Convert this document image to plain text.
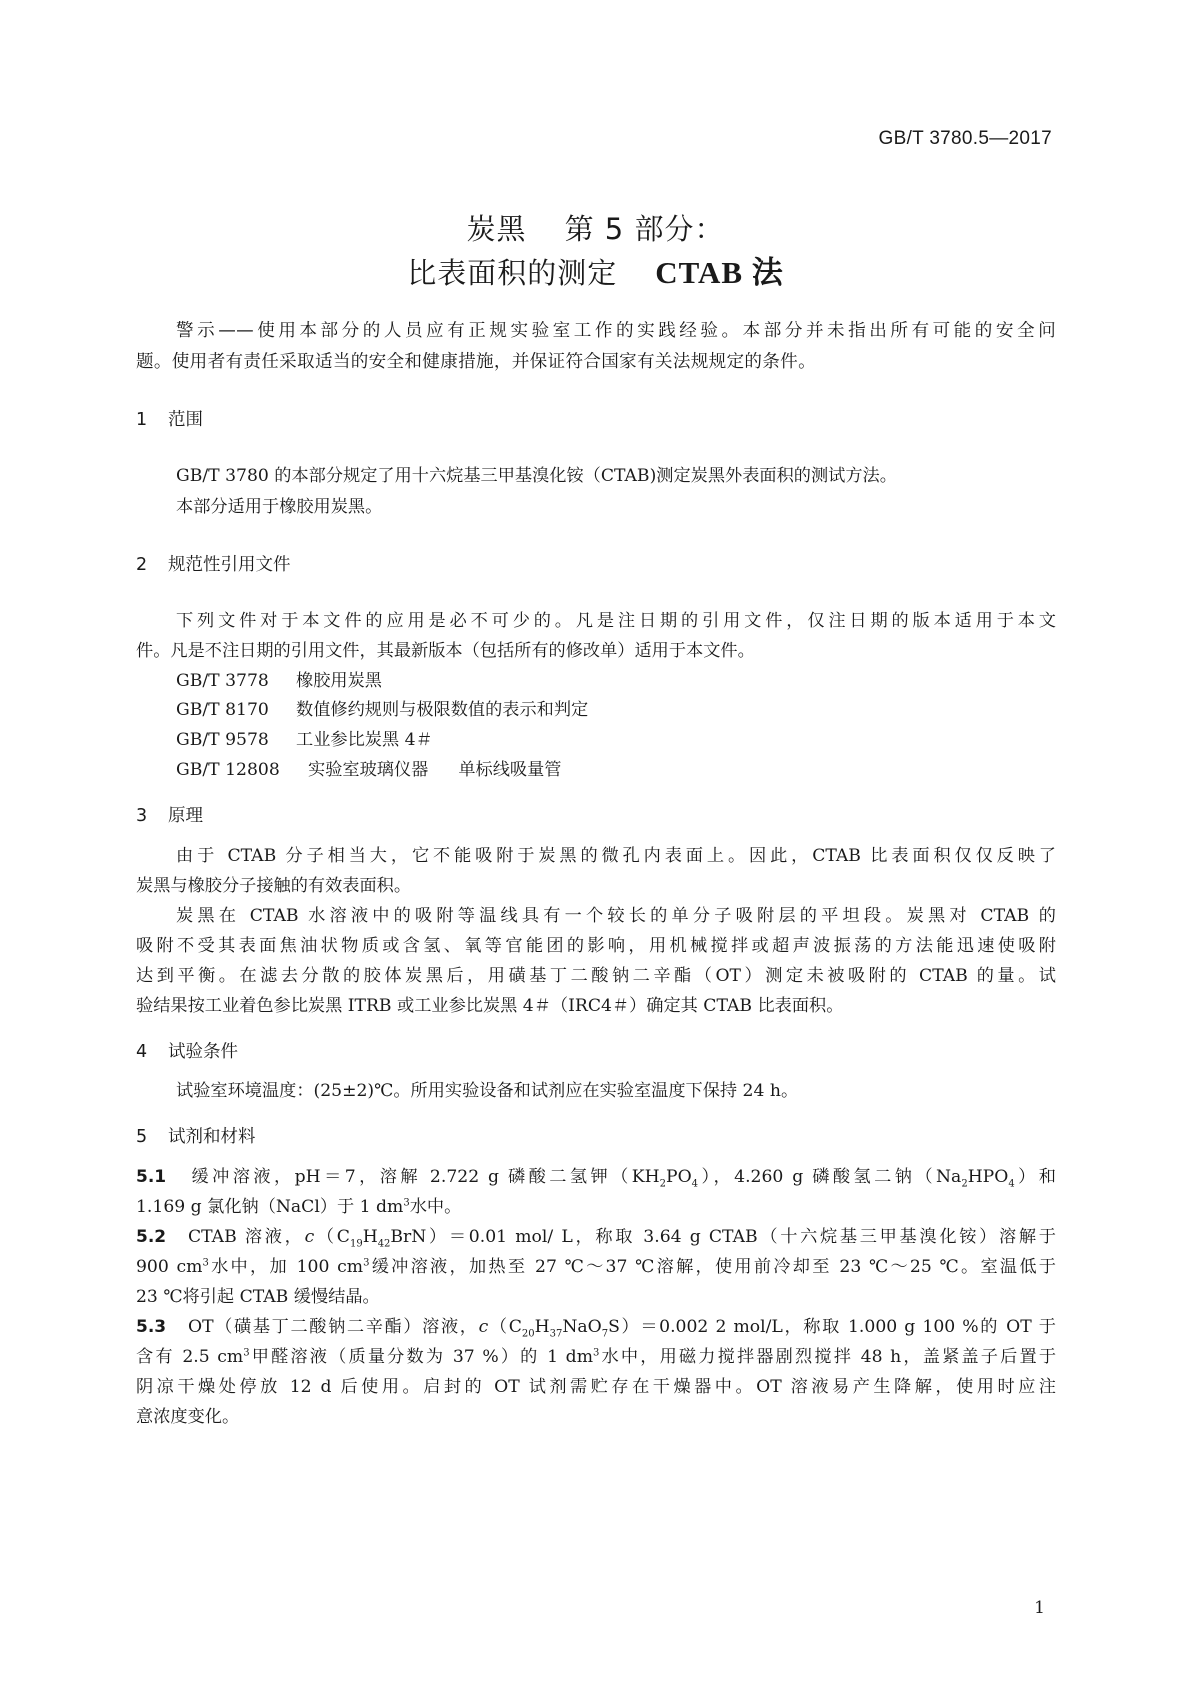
GB/T 3780.5—2017
炭黑 第 5 部分：
比表面积的测定 CTAB 法
警示——使用本部分的人员应有正规实验室工作的实践经验。本部分并未指出所有可能的安全问
题。使用者有责任采取适当的安全和健康措施，并保证符合国家有关法规规定的条件。
1 范围
GB/T 3780 的本部分规定了用十六烷基三甲基溴化铵（CTAB)测定炭黑外表面积的测试方法。
本部分适用于橡胶用炭黑。
2 规范性引用文件
下列文件对于本文件的应用是必不可少的。凡是注日期的引用文件，仅注日期的版本适用于本文
件。凡是不注日期的引用文件，其最新版本（包括所有的修改单）适用于本文件。
GB/T 3778 橡胶用炭黑
GB/T 8170 数值修约规则与极限数值的表示和判定
GB/T 9578 工业参比炭黑 4＃
GB/T 12808 实验室玻璃仪器 单标线吸量管
3 原理
由于 CTAB 分子相当大，它不能吸附于炭黑的微孔内表面上。因此，CTAB 比表面积仅仅反映了
炭黑与橡胶分子接触的有效表面积。
炭黑在 CTAB 水溶液中的吸附等温线具有一个较长的单分子吸附层的平坦段。炭黑对 CTAB 的
吸附不受其表面焦油状物质或含氢、氧等官能团的影响，用机械搅拌或超声波振荡的方法能迅速使吸附
达到平衡。在滤去分散的胶体炭黑后，用磺基丁二酸钠二辛酯（OT）测定未被吸附的 CTAB 的量。试
验结果按工业着色参比炭黑 ITRB 或工业参比炭黑 4＃（IRC4＃）确定其 CTAB 比表面积。
4 试验条件
试验室环境温度：(25±2)℃。所用实验设备和试剂应在实验室温度下保持 24 h。
5 试剂和材料
5.1 缓冲溶液，pH＝7，溶解 2.722 g 磷酸二氢钾$(KH_2PO_4)$，4.260 g 磷酸氢二钠$(Na_2HPO_4)$和
1.169 g 氯化钠（NaCl）于 1 $dm^3$水中。
5.2 CTAB 溶液，$c(C_{19}H_{42}BrN)=0.01$ mol/ L，称取 3.64 g CTAB（十六烷基三甲基溴化铵）溶解于
900 $cm^3$水中，加 100 $cm^3$缓冲溶液，加热至 27 ℃～37 ℃溶解，使用前冷却至 23 ℃～25 ℃。室温低于
23 ℃将引起 CTAB 缓慢结晶。
5.3 OT（磺基丁二酸钠二辛酯）溶液，$c(C_{20}H_{37}NaO_7S)=0.002$ 2 mol/L，称取 1.000 g 100 %的 OT 于
含有 2.5 $cm^3$甲醛溶液（质量分数为 37 %）的 1 $dm^3$水中，用磁力搅拌器剧烈搅拌 48 h，盖紧盖子后置于
阴凉干燥处停放 12 d 后使用。启封的 OT 试剂需贮存在干燥器中。OT 溶液易产生降解，使用时应注
意浓度变化。
1
